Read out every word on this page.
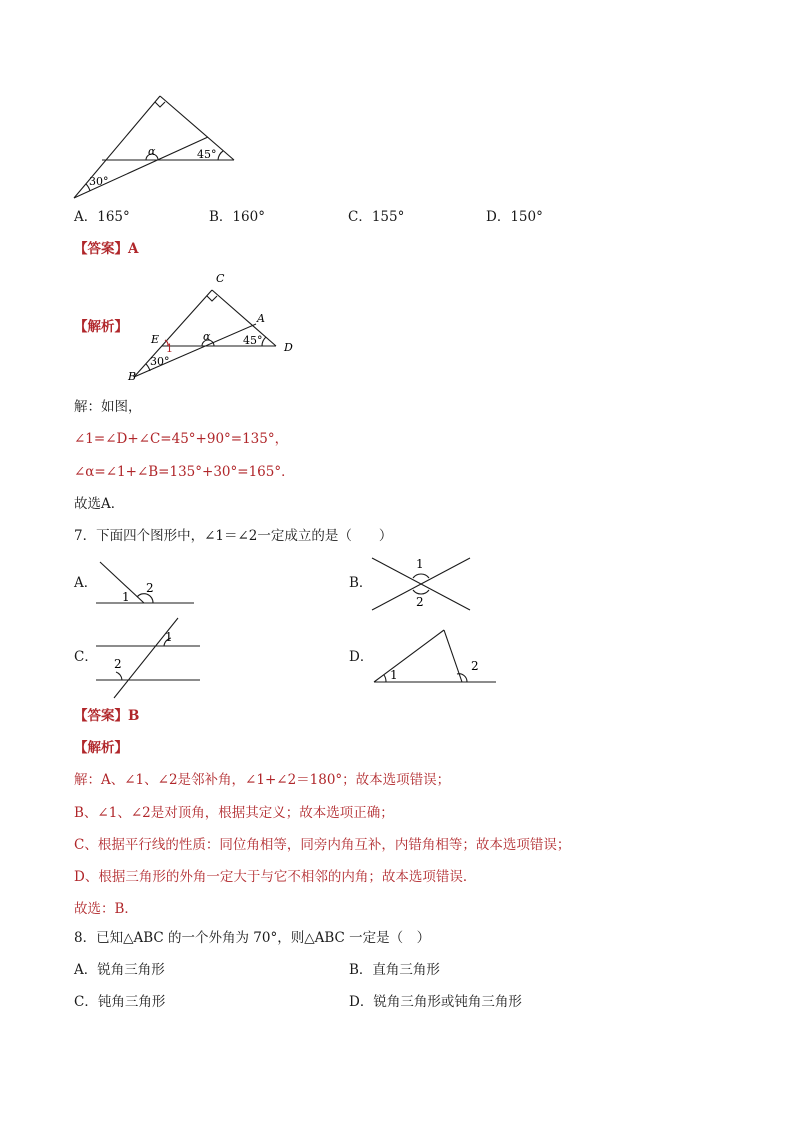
α	45°
30°
A．165°	B．160°	C．155°	D．150°
【答案】A
【解析】
C
A
E
D
B
α
1
45°
30°
解：如图，
∠1=∠D+∠C=45°+90°=135°，
∠α=∠1+∠B=135°+30°=165°．
故选A．
7．下面四个图形中，∠1＝∠2一定成立的是（　　）
A．
1
2	B．
1
2
C．
1
2	D．
1
2
【答案】B
【解析】
解：A、∠1、∠2是邻补角，∠1+∠2＝180°；故本选项错误；
B、∠1、∠2是对顶角，根据其定义；故本选项正确；
C、根据平行线的性质：同位角相等，同旁内角互补，内错角相等；故本选项错误；
D、根据三角形的外角一定大于与它不相邻的内角；故本选项错误．
故选：B．
8．已知△ABC 的一个外角为 70°，则△ABC 一定是（　）
A．锐角三角形	B．直角三角形
C．钝角三角形	D．锐角三角形或钝角三角形
